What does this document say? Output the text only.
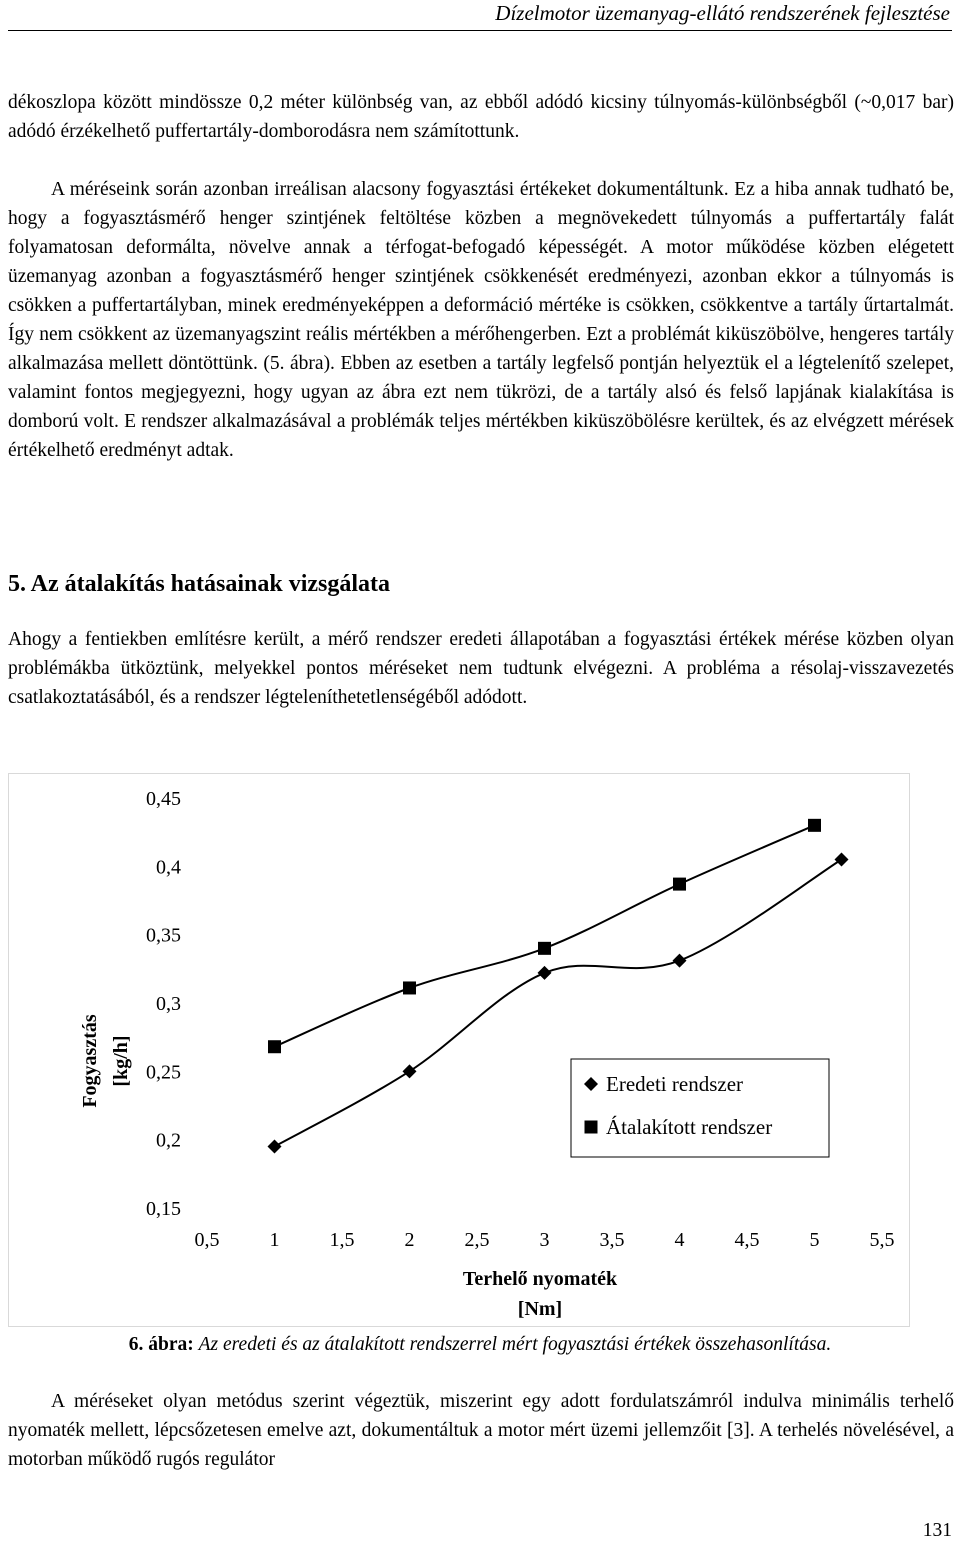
Dízelmotor üzemanyag-ellátó rendszerének fejlesztése

dékoszlopa között mindössze 0,2 méter különbség van, az ebből adódó kicsiny túlnyomás-különbségből (~0,017 bar) adódó érzékelhető puffertartály-domborodásra nem számítottunk.

A méréseink során azonban irreálisan alacsony fogyasztási értékeket dokumentáltunk. Ez a hiba annak tudható be, hogy a fogyasztásmérő henger szintjének feltöltése közben a megnövekedett túlnyomás a puffertartály falát folyamatosan deformálta, növelve annak a térfogat-befogadó képességét. A motor működése közben elégetett üzemanyag azonban a fogyasztásmérő henger szintjének csökkenését eredményezi, azonban ekkor a túlnyomás is csökken a puffertartályban, minek eredményeképpen a deformáció mértéke is csökken, csökkentve a tartály űrtartalmát. Így nem csökkent az üzemanyagszint reális mértékben a mérőhengerben. Ezt a problémát kiküszöbölve, hengeres tartály alkalmazása mellett döntöttünk. (5. ábra). Ebben az esetben a tartály legfelső pontján helyeztük el a légtelenítő szelepet, valamint fontos megjegyezni, hogy ugyan az ábra ezt nem tükrözi, de a tartály alsó és felső lapjának kialakítása is domború volt. E rendszer alkalmazásával a problémák teljes mértékben kiküszöbölésre kerültek, és az elvégzett mérések értékelhető eredményt adtak.

5. Az átalakítás hatásainak vizsgálata

Ahogy a fentiekben említésre került, a mérő rendszer eredeti állapotában a fogyasztási értékek mérése közben olyan problémákba ütköztünk, melyekkel pontos méréseket nem tudtunk elvégezni. A probléma a résolaj-visszavezetés csatlakoztatásából, és a rendszer légteleníthetetlenségéből adódott.

0,15
0,2
0,25
0,3
0,35
0,4
0,45
0,5	1	1,5	2	2,5	3	3,5	4	4,5	5	5,5
Terhelő nyomaték
[Nm]
Fogyasztás [kg/h]	Eredeti rendszer
Átalakított rendszer
6. ábra: Az eredeti és az átalakított rendszerrel mért fogyasztási értékek összehasonlítása.

A méréseket olyan metódus szerint végeztük, miszerint egy adott fordulatszámról indulva minimális terhelő nyomaték mellett, lépcsőzetesen emelve azt, dokumentáltuk a motor mért üzemi jellemzőit [3]. A terhelés növelésével, a motorban működő rugós regulátor

131
